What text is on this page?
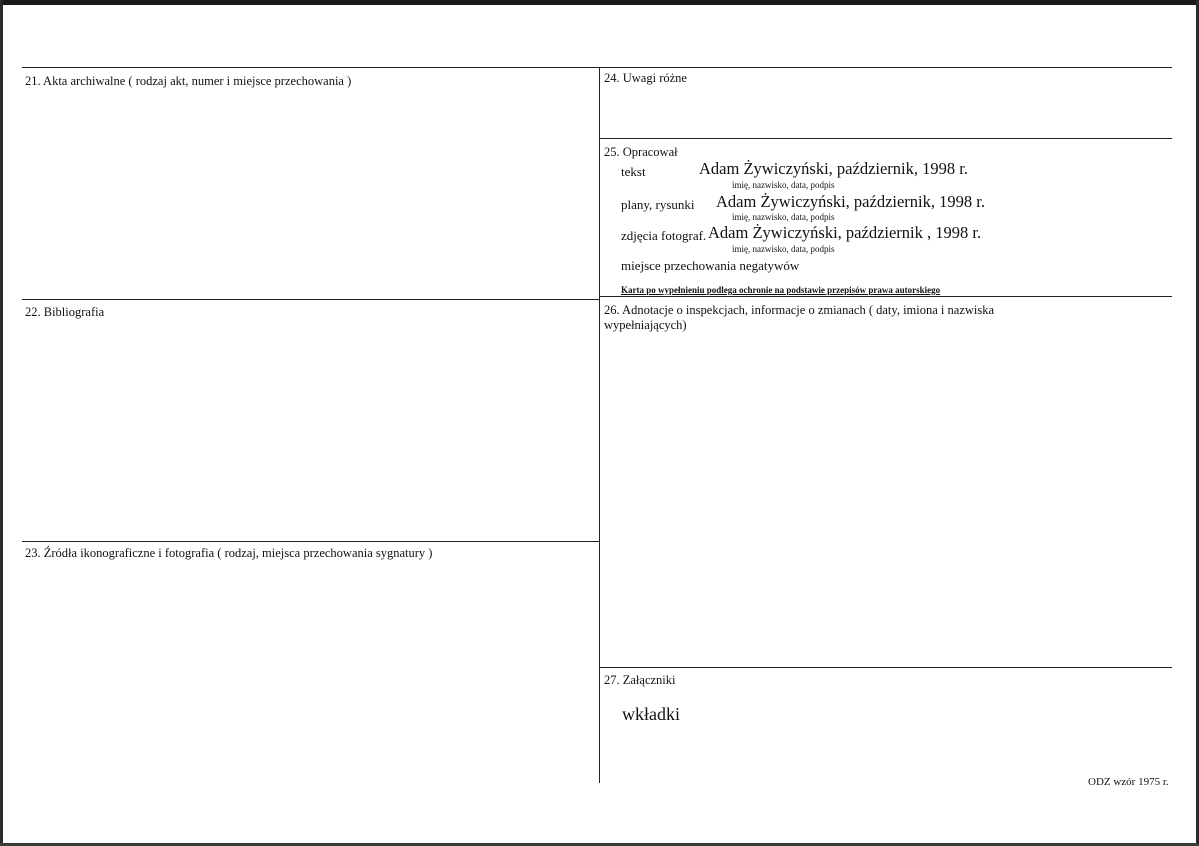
21. Akta archiwalne ( rodzaj akt, numer i miejsce przechowania )
22. Bibliografia
23. Źródła ikonograficzne i fotografia ( rodzaj, miejsca przechowania sygnatury )
24. Uwagi różne
25. Opracował
tekst	Adam Żywiczyński, październik, 1998 r.
imię, nazwisko, data, podpis
plany, rysunki Adam Żywiczyński, październik, 1998 r.
imię, nazwisko, data, podpis
zdjęcia fotograf. Adam Żywiczyński, październik , 1998 r.
imię, nazwisko, data, podpis
miejsce przechowania negatywów
Karta po wypełnieniu podlega ochronie na podstawie przepisów prawa autorskiego
26. Adnotacje o inspekcjach, informacje o zmianach ( daty, imiona i nazwiska
wypełniających)
27. Załączniki
wkładki
ODZ wzór 1975 r.
